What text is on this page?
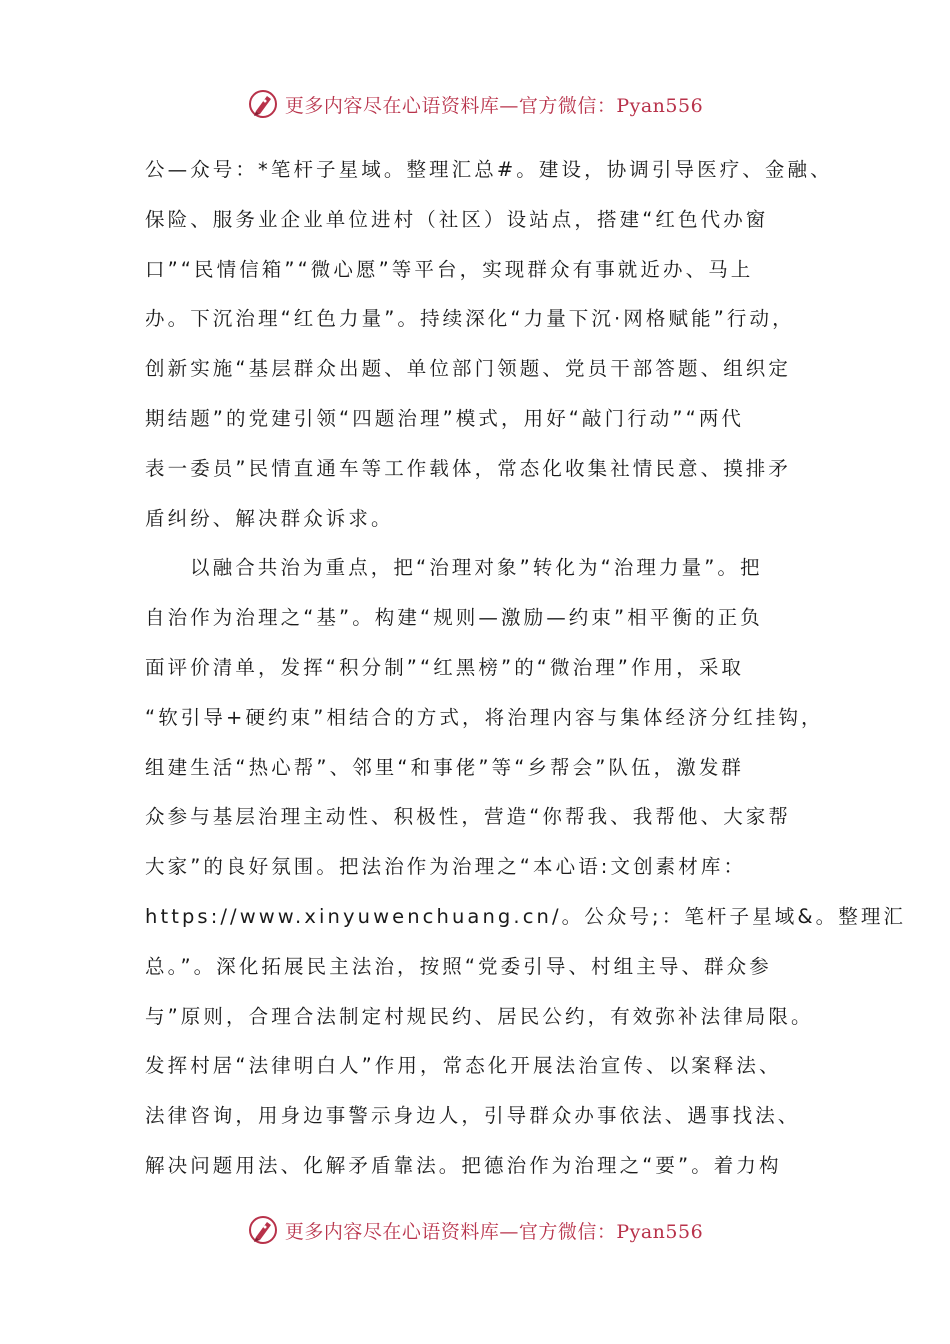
更多内容尽在心语资料库—官方微信：Pyan556
公—众号：*笔杆子星域。整理汇总#。建设，协调引导医疗、金融、
保险、服务业企业单位进村（社区）设站点，搭建“红色代办窗
口”“民情信箱”“微心愿”等平台，实现群众有事就近办、马上
办。下沉治理“红色力量”。持续深化“力量下沉·网格赋能”行动，
创新实施“基层群众出题、单位部门领题、党员干部答题、组织定
期结题”的党建引领“四题治理”模式，用好“敲门行动”“两代
表一委员”民情直通车等工作载体，常态化收集社情民意、摸排矛
盾纠纷、解决群众诉求。
以融合共治为重点，把“治理对象”转化为“治理力量”。把
自治作为治理之“基”。构建“规则—激励—约束”相平衡的正负
面评价清单，发挥“积分制”“红黑榜”的“微治理”作用，采取
“软引导+硬约束”相结合的方式，将治理内容与集体经济分红挂钩，
组建生活“热心帮”、邻里“和事佬”等“乡帮会”队伍，激发群
众参与基层治理主动性、积极性，营造“你帮我、我帮他、大家帮
大家”的良好氛围。把法治作为治理之“本心语:文创素材库：
https://www.xinyuwenchuang.cn/。公众号;：笔杆子星域&。整理汇
总。”。深化拓展民主法治，按照“党委引导、村组主导、群众参
与”原则，合理合法制定村规民约、居民公约，有效弥补法律局限。
发挥村居“法律明白人”作用，常态化开展法治宣传、以案释法、
法律咨询，用身边事警示身边人，引导群众办事依法、遇事找法、
解决问题用法、化解矛盾靠法。把德治作为治理之“要”。着力构
更多内容尽在心语资料库—官方微信：Pyan556
